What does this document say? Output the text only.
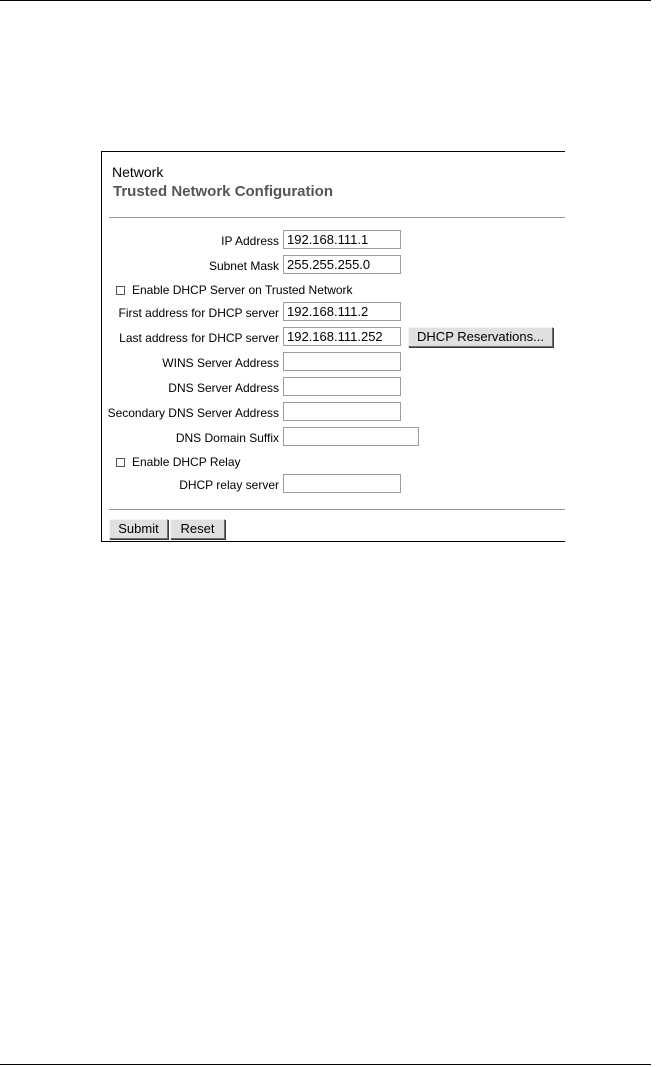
Network
Trusted Network Configuration
IP Address
192.168.111.1
Subnet Mask
255.255.255.0
Enable DHCP Server on Trusted Network
First address for DHCP server
192.168.111.2
Last address for DHCP server
192.168.111.252	DHCP Reservations...
WINS Server Address
DNS Server Address
Secondary DNS Server Address
DNS Domain Suffix
Enable DHCP Relay
DHCP relay server
Submit	Reset
